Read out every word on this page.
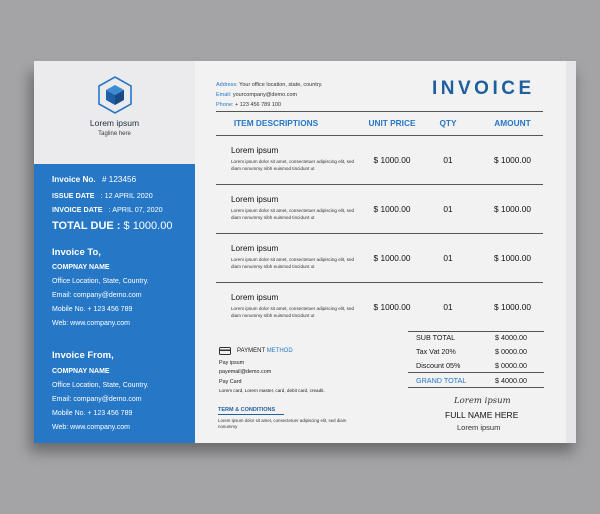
Lorem ipsum
Tagline here
Invoice No. # 123456
ISSUE DATE : 12 APRIL 2020
INVOICE DATE : APRIL 07, 2020
TOTAL DUE : $ 1000.00
Invoice To,
COMPNAY NAME
Office Location, State, Country.
Email: company@demo.com
Mobile No. + 123 456 789
Web: www.company.com
Invoice From,
COMPNAY NAME
Office Location, State, Country.
Email: company@demo.com
Mobile No. + 123 456 789
Web: www.company.com
Address: Your office location, state, country.
Email: yourcompany@demo.com
Phone: + 123 456 789 100
INVOICE
ITEM DESCRIPTIONS	UNIT PRICE	QTY	AMOUNT
Lorem ipsum
Lorem ipsum dolor sit amet, consectetuer adipiscing elit, sed diam nonummy nibh euismod tincidunt ut
$ 1000.00	01	$ 1000.00
Lorem ipsum
Lorem ipsum dolor sit amet, consectetuer adipiscing elit, sed diam nonummy nibh euismod tincidunt ut
$ 1000.00	01	$ 1000.00
Lorem ipsum
Lorem ipsum dolor sit amet, consectetuer adipiscing elit, sed diam nonummy nibh euismod tincidunt ut
$ 1000.00	01	$ 1000.00
Lorem ipsum
Lorem ipsum dolor sit amet, consectetuer adipiscing elit, sed diam nonummy nibh euismod tincidunt ut
$ 1000.00	01	$ 1000.00
SUB TOTAL	$ 4000.00
Tax Vat 20%	$ 0000.00
Discount 05%	$ 0000.00
GRAND TOTAL	$ 4000.00
PAYMENT METHOD
Pay ipsum
payemail@demo.com
Pay Card
Lorem card, Lorem master, card, debit card, creadit.
TERM & CONDITIONS
Lorem ipsum dolor sit amet, consectetuer adipiscing elit, sed diam nonummy
Lorem ipsum
FULL NAME HERE
Lorem ipsum
